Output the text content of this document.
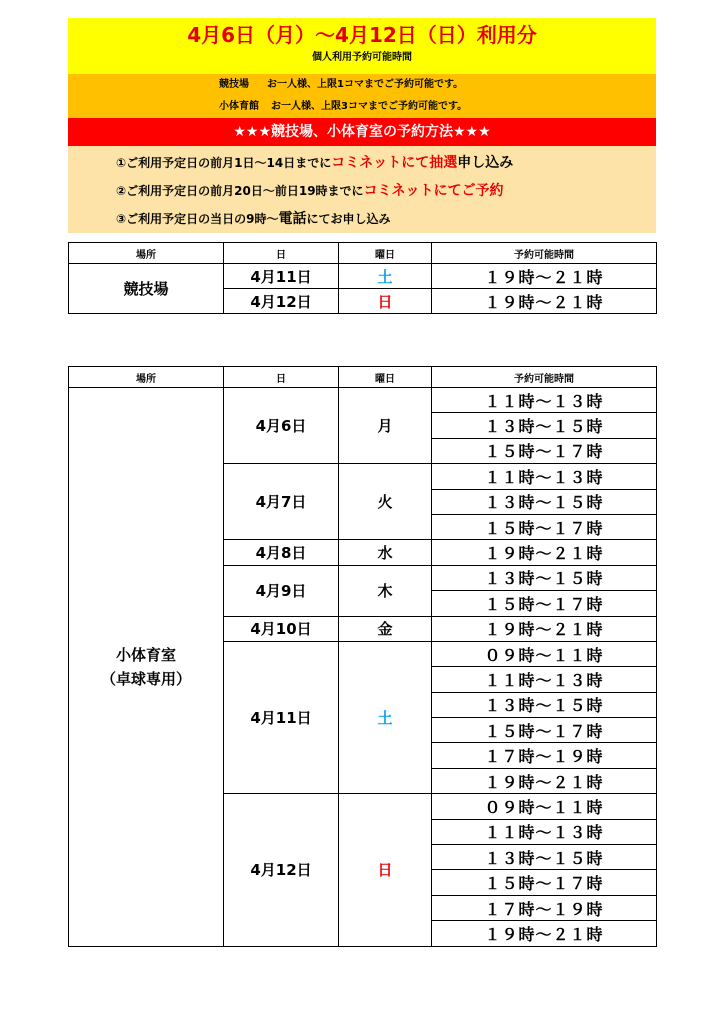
4月6日（月）～4月12日（日）利用分
個人利用予約可能時間
競技場 お一人様、上限1コマまでご予約可能です。
小体育館 お一人様、上限3コマまでご予約可能です。
★★★競技場、小体育室の予約方法★★★
①ご利用予定日の前月1日～14日までにコミネットにて抽選申し込み
②ご利用予定日の前月20日～前日19時までにコミネットにてご予約
③ご利用予定日の当日の9時～電話にてお申し込み
場所	日	曜日	予約可能時間
競技場	4月11日	土	１９時～２１時
	4月12日	日	１９時～２１時
場所	日	曜日	予約可能時間
小体育室
（卓球専用）	4月6日	月	１１時～１３時
			１３時～１５時
			１５時～１７時
	4月7日	火	１１時～１３時
			１３時～１５時
			１５時～１７時
	4月8日	水	１９時～２１時
	4月9日	木	１３時～１５時
			１５時～１７時
	4月10日	金	１９時～２１時
	4月11日	土	０９時～１１時
			１１時～１３時
			１３時～１５時
			１５時～１７時
			１７時～１９時
			１９時～２１時
	4月12日	日	０９時～１１時
			１１時～１３時
			１３時～１５時
			１５時～１７時
			１７時～１９時
			１９時～２１時
